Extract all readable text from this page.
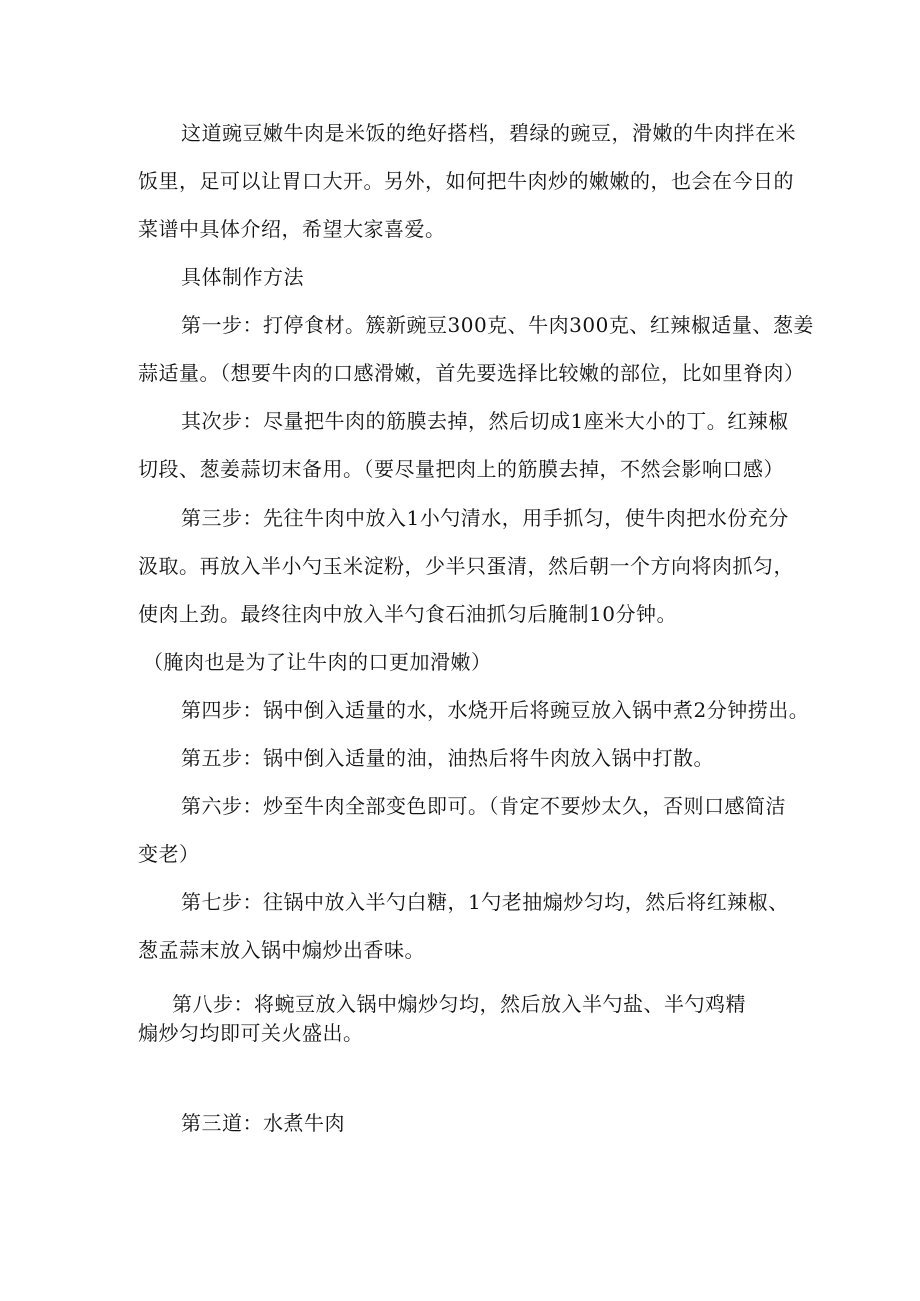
这道豌豆嫩牛肉是米饭的绝好搭档，碧绿的豌豆，滑嫩的牛肉拌在米
饭里，足可以让胃口大开。另外，如何把牛肉炒的嫩嫩的，也会在今日的
菜谱中具体介绍，希望大家喜爱。
具体制作方法
第一步：打停食材。簇新豌豆300克、牛肉300克、红辣椒适量、葱姜
蒜适量。（想要牛肉的口感滑嫩，首先要选择比较嫩的部位，比如里脊肉）
其次步：尽量把牛肉的筋膜去掉，然后切成1座米大小的丁。红辣椒
切段、葱姜蒜切末备用。（要尽量把肉上的筋膜去掉，不然会影响口感）
第三步：先往牛肉中放入1小勺清水，用手抓匀，使牛肉把水份充分
汲取。再放入半小勺玉米淀粉，少半只蛋清，然后朝一个方向将肉抓匀，
使肉上劲。最终往肉中放入半勺食石油抓匀后腌制10分钟。
（腌肉也是为了让牛肉的口更加滑嫩）
第四步：锅中倒入适量的水，水烧开后将豌豆放入锅中煮2分钟捞出。
第五步：锅中倒入适量的油，油热后将牛肉放入锅中打散。
第六步：炒至牛肉全部变色即可。（肯定不要炒太久，否则口感简洁
变老）
第七步：往锅中放入半勺白糖，1勺老抽煽炒匀均，然后将红辣椒、
葱孟蒜末放入锅中煽炒出香味。
第八步：将蜿豆放入锅中煽炒匀均，然后放入半勺盐、半勺鸡精
煽炒匀均即可关火盛出。
第三道：水煮牛肉
